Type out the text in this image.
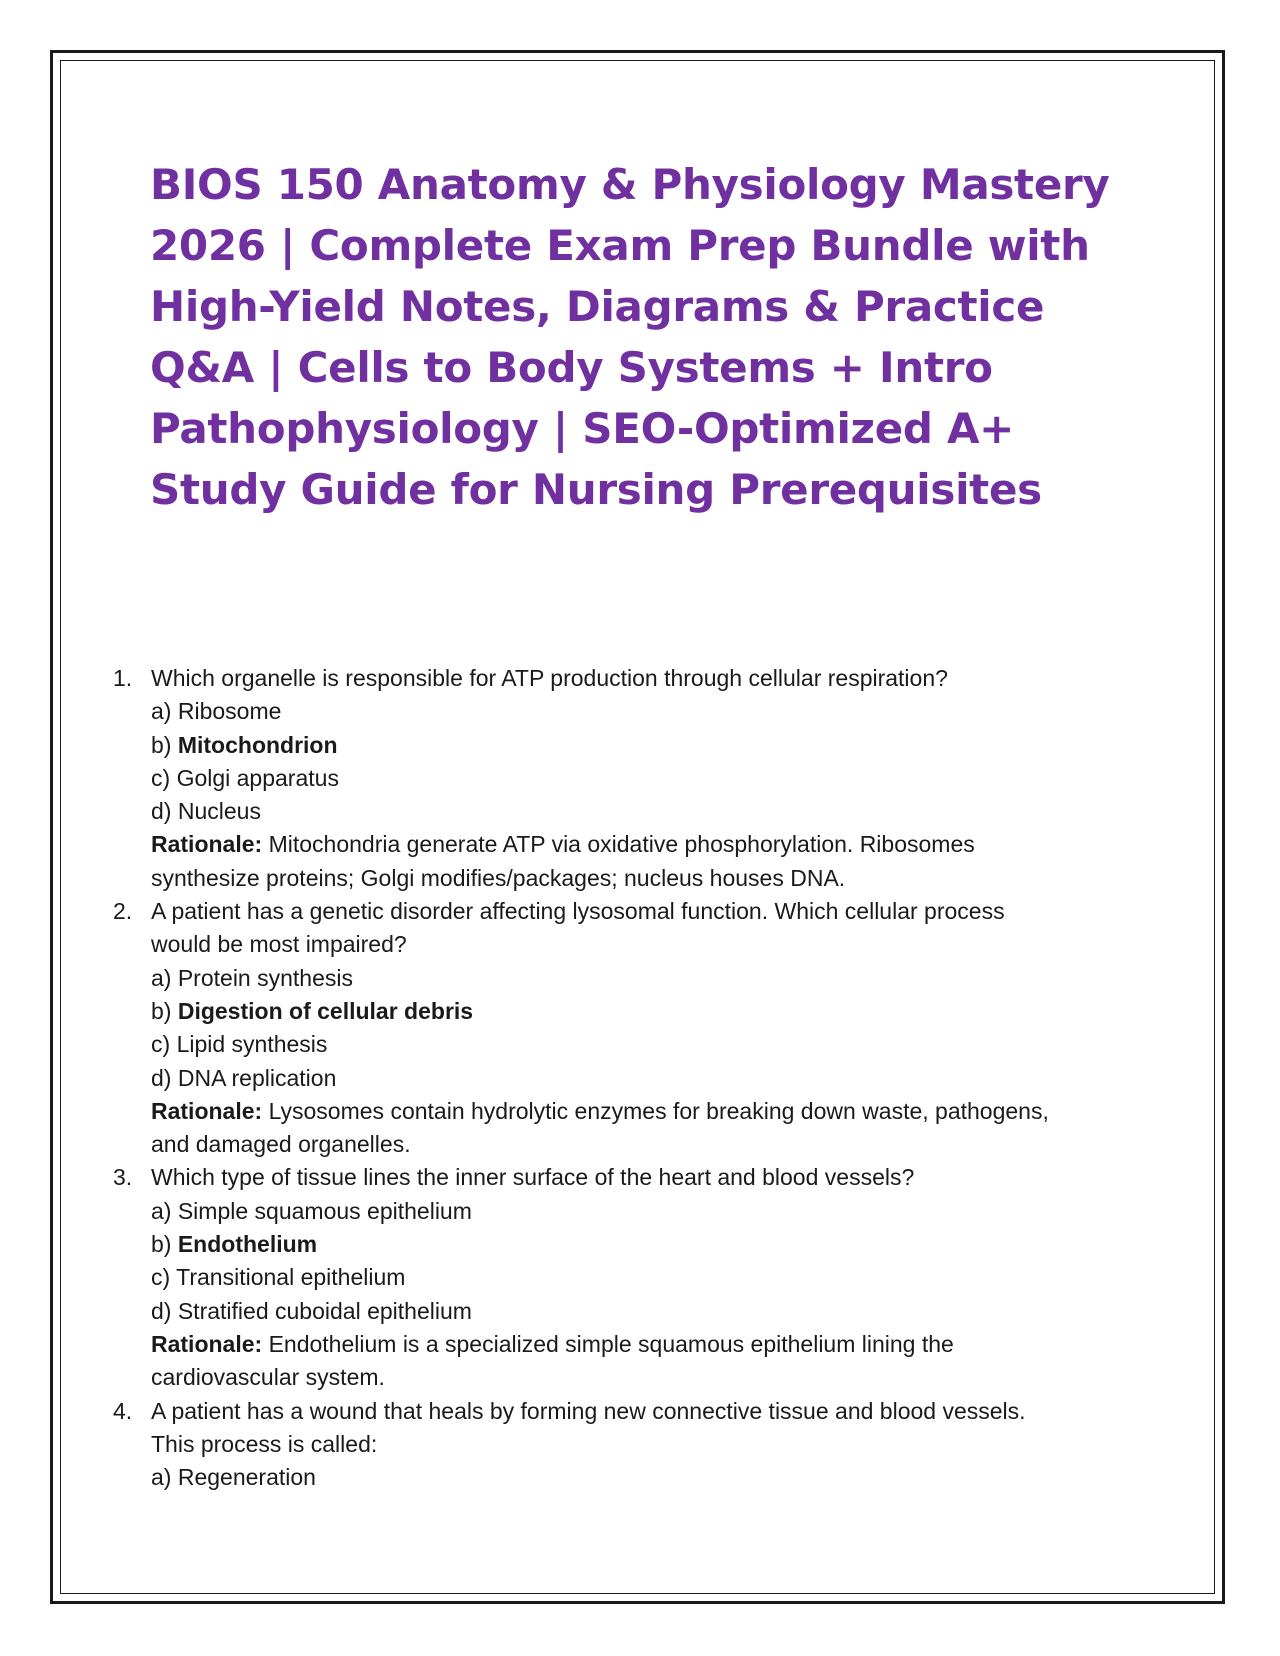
BIOS 150 Anatomy & Physiology Mastery 2026 | Complete Exam Prep Bundle with High-Yield Notes, Diagrams & Practice Q&A | Cells to Body Systems + Intro Pathophysiology | SEO-Optimized A+ Study Guide for Nursing Prerequisites
1. Which organelle is responsible for ATP production through cellular respiration?
a) Ribosome
b) Mitochondrion
c) Golgi apparatus
d) Nucleus
Rationale: Mitochondria generate ATP via oxidative phosphorylation. Ribosomes
synthesize proteins; Golgi modifies/packages; nucleus houses DNA.
2. A patient has a genetic disorder affecting lysosomal function. Which cellular process
would be most impaired?
a) Protein synthesis
b) Digestion of cellular debris
c) Lipid synthesis
d) DNA replication
Rationale: Lysosomes contain hydrolytic enzymes for breaking down waste, pathogens,
and damaged organelles.
3. Which type of tissue lines the inner surface of the heart and blood vessels?
a) Simple squamous epithelium
b) Endothelium
c) Transitional epithelium
d) Stratified cuboidal epithelium
Rationale: Endothelium is a specialized simple squamous epithelium lining the
cardiovascular system.
4. A patient has a wound that heals by forming new connective tissue and blood vessels.
This process is called:
a) Regeneration
